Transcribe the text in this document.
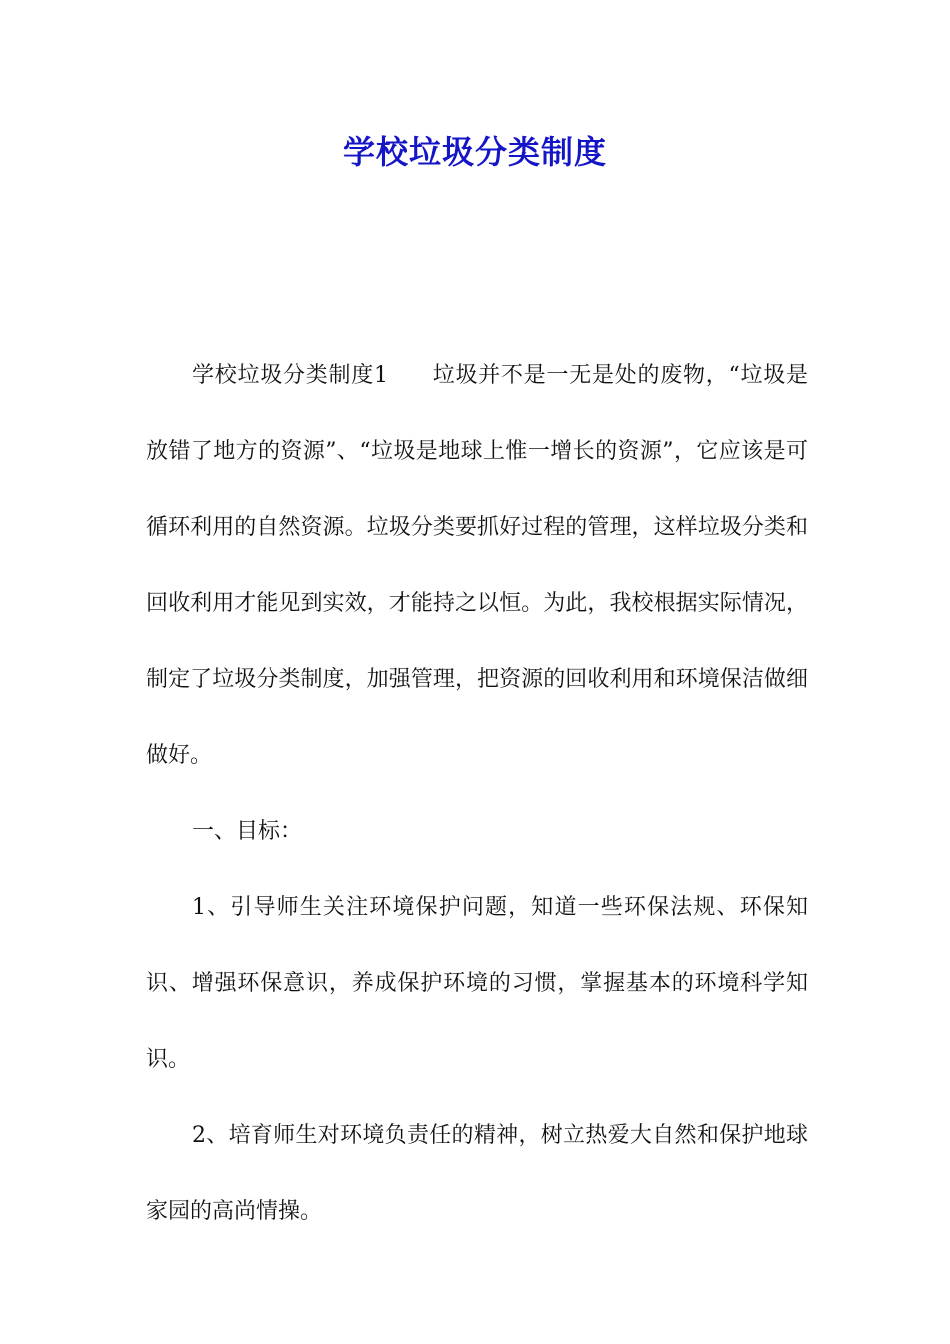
学校垃圾分类制度

学校垃圾分类制度1 垃圾并不是一无是处的废物，“垃圾是放错了地方的资源”、“垃圾是地球上惟一增长的资源”，它应该是可循环利用的自然资源。垃圾分类要抓好过程的管理，这样垃圾分类和回收利用才能见到实效，才能持之以恒。为此，我校根据实际情况，制定了垃圾分类制度，加强管理，把资源的回收利用和环境保洁做细做好。

一、目标：

1、引导师生关注环境保护问题，知道一些环保法规、环保知识、增强环保意识，养成保护环境的习惯，掌握基本的环境科学知识。

2、培育师生对环境负责任的精神，树立热爱大自然和保护地球家园的高尚情操。
